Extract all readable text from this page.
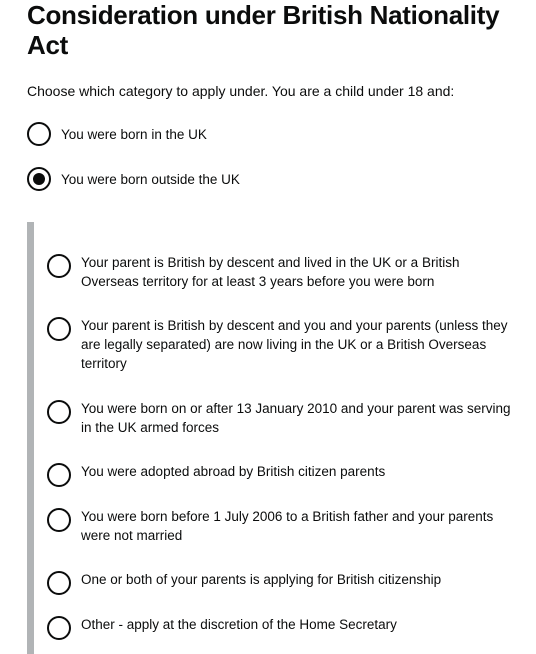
Consideration under British Nationality Act

Choose which category to apply under. You are a child under 18 and:

You were born in the UK
You were born outside the UK
Your parent is British by descent and lived in the UK or a British Overseas territory for at least 3 years before you were born
Your parent is British by descent and you and your parents (unless they are legally separated) are now living in the UK or a British Overseas territory
You were born on or after 13 January 2010 and your parent was serving in the UK armed forces
You were adopted abroad by British citizen parents
You were born before 1 July 2006 to a British father and your parents were not married
One or both of your parents is applying for British citizenship
Other - apply at the discretion of the Home Secretary
